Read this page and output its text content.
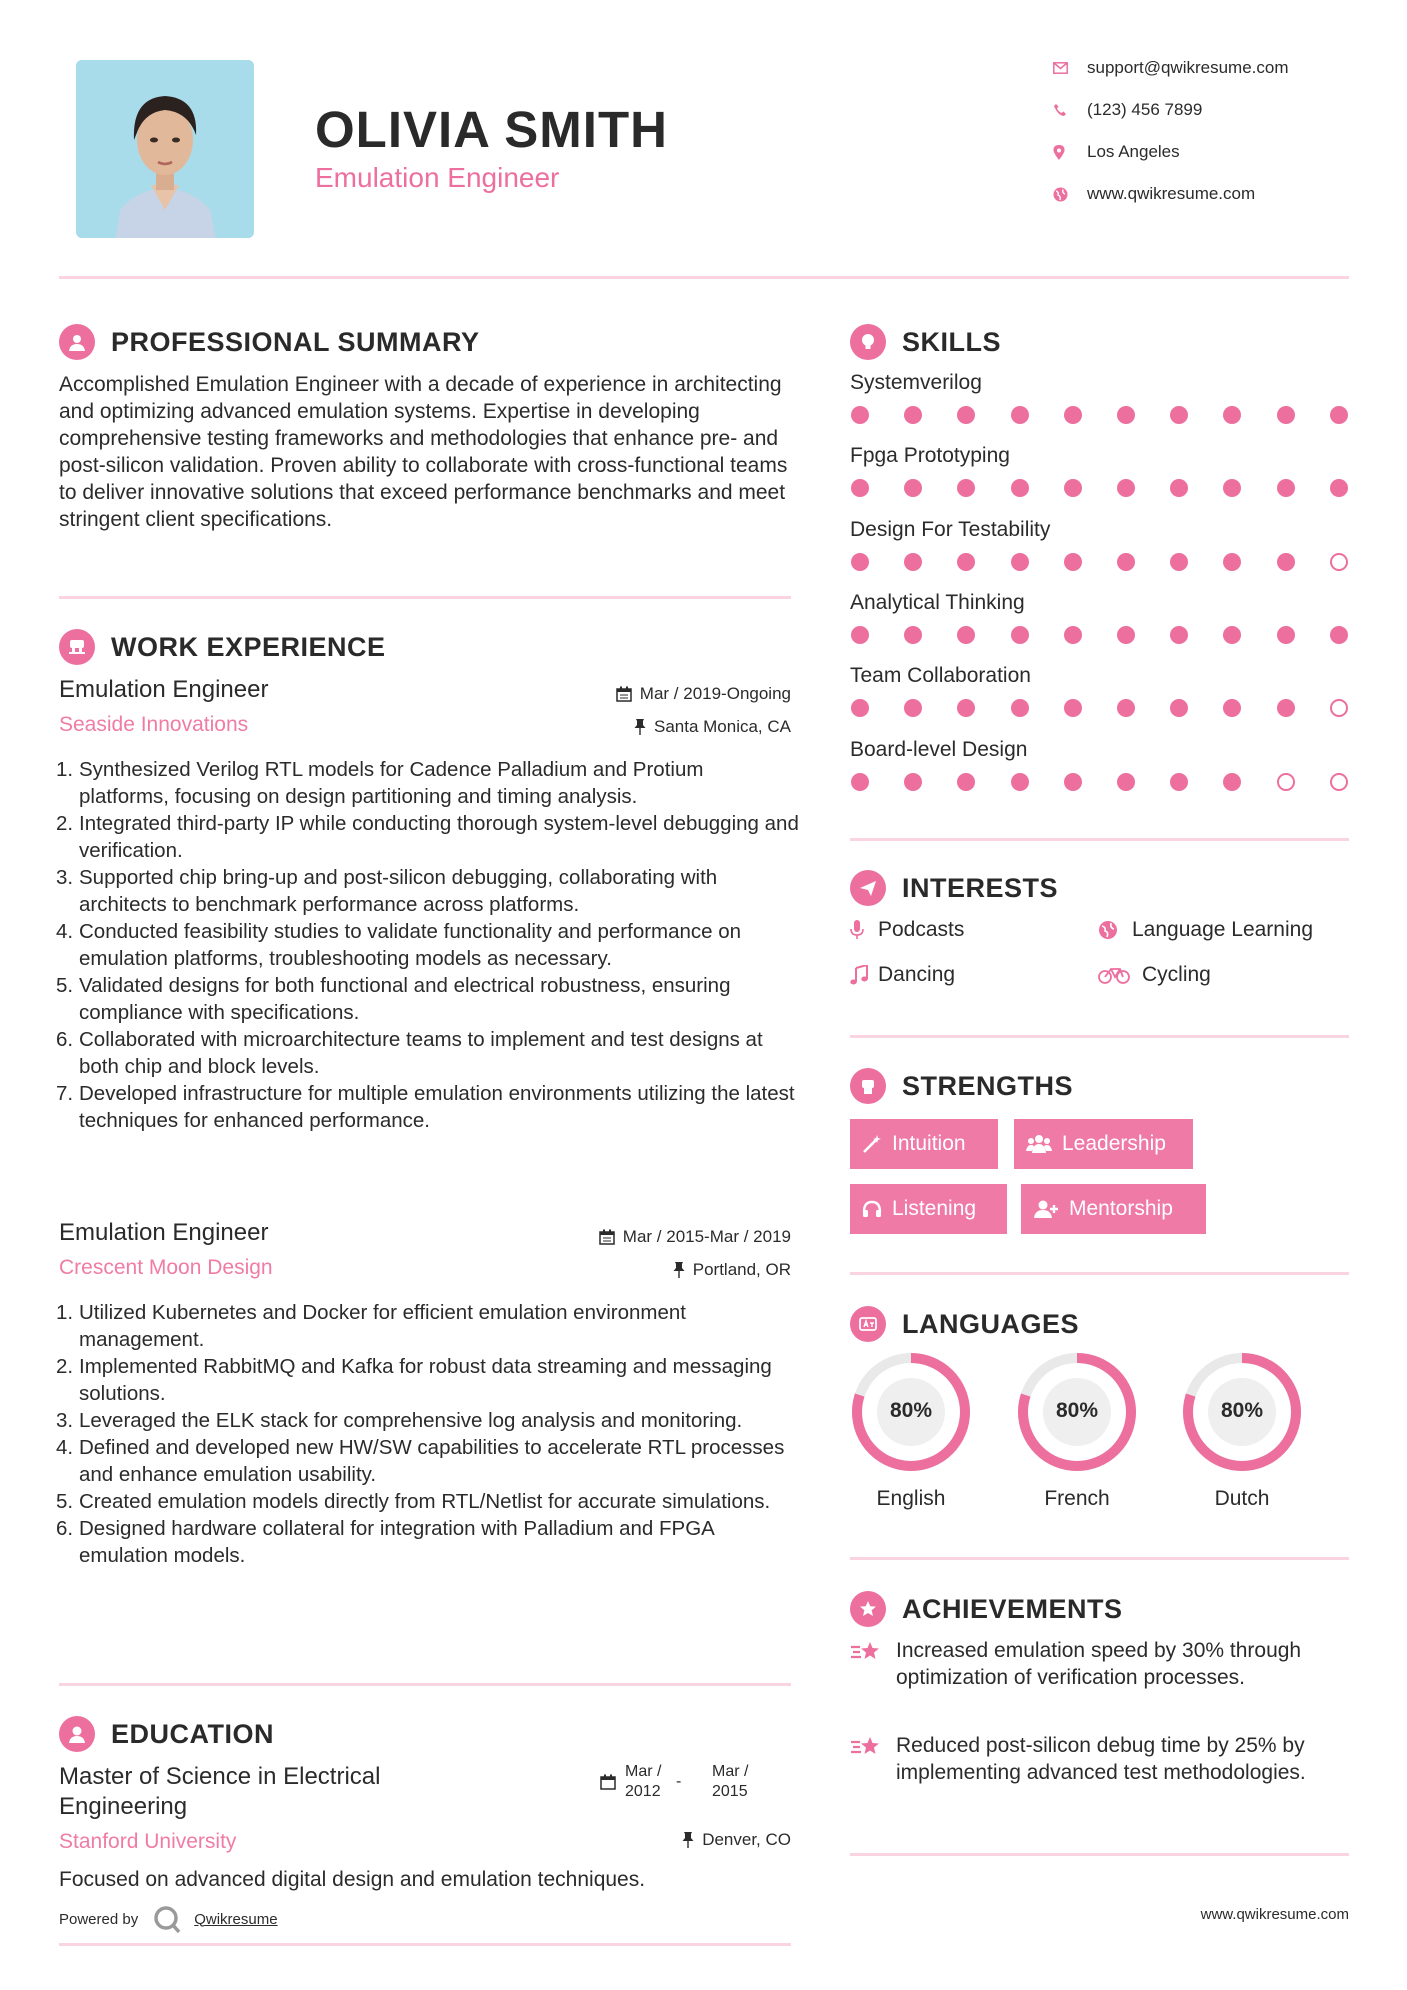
OLIVIA SMITH
Emulation Engineer
support@qwikresume.com
(123) 456 7899
Los Angeles
www.qwikresume.com
PROFESSIONAL SUMMARY
Accomplished Emulation Engineer with a decade of experience in architecting and optimizing advanced emulation systems. Expertise in developing comprehensive testing frameworks and methodologies that enhance pre- and post-silicon validation. Proven ability to collaborate with cross-functional teams to deliver innovative solutions that exceed performance benchmarks and meet stringent client specifications.
WORK EXPERIENCE
Emulation Engineer	Mar / 2019-Ongoing
Seaside Innovations	Santa Monica, CA
1. Synthesized Verilog RTL models for Cadence Palladium and Protium platforms, focusing on design partitioning and timing analysis.
2. Integrated third-party IP while conducting thorough system-level debugging and verification.
3. Supported chip bring-up and post-silicon debugging, collaborating with architects to benchmark performance across platforms.
4. Conducted feasibility studies to validate functionality and performance on emulation platforms, troubleshooting models as necessary.
5. Validated designs for both functional and electrical robustness, ensuring compliance with specifications.
6. Collaborated with microarchitecture teams to implement and test designs at both chip and block levels.
7. Developed infrastructure for multiple emulation environments utilizing the latest techniques for enhanced performance.
Emulation Engineer	Mar / 2015-Mar / 2019
Crescent Moon Design	Portland, OR
1. Utilized Kubernetes and Docker for efficient emulation environment management.
2. Implemented RabbitMQ and Kafka for robust data streaming and messaging solutions.
3. Leveraged the ELK stack for comprehensive log analysis and monitoring.
4. Defined and developed new HW/SW capabilities to accelerate RTL processes and enhance emulation usability.
5. Created emulation models directly from RTL/Netlist for accurate simulations.
6. Designed hardware collateral for integration with Palladium and FPGA emulation models.
EDUCATION
Master of Science in Electrical Engineering
Mar / 2012
-
Mar / 2015
Stanford University	Denver, CO
Focused on advanced digital design and emulation techniques.
Powered by	Qwikresume	www.qwikresume.com
SKILLS
Systemverilog
Fpga Prototyping
Design For Testability
Analytical Thinking
Team Collaboration
Board-level Design
INTERESTS
Podcasts	Language Learning
Dancing	Cycling
STRENGTHS
Intuition	Leadership
Listening	Mentorship
LANGUAGES
80%
English
80%
French
80%
Dutch
ACHIEVEMENTS
Increased emulation speed by 30% through optimization of verification processes.
Reduced post-silicon debug time by 25% by implementing advanced test methodologies.
